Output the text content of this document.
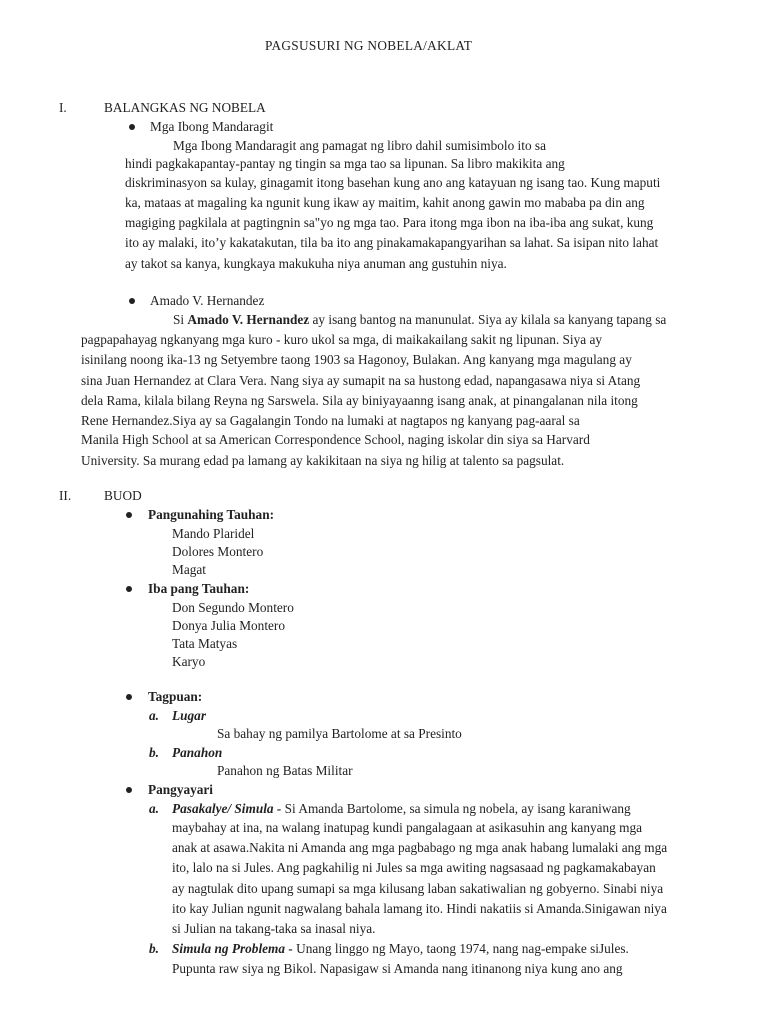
PAGSUSURI NG NOBELA/AKLAT
I.	BALANGKAS NG NOBELA
Mga Ibong Mandaragit
Mga Ibong Mandaragit ang pamagat ng libro dahil sumisimbolo ito sa
hindi pagkakapantay-pantay ng tingin sa mga tao sa lipunan. Sa libro makikita ang
diskriminasyon sa kulay, ginagamit itong basehan kung ano ang katayuan ng isang tao. Kung maputi
ka, mataas at magaling ka ngunit kung ikaw ay maitim, kahit anong gawin mo mababa pa din ang
magiging pagkilala at pagtingnin sa"yo ng mga tao. Para itong mga ibon na iba-iba ang sukat, kung
ito ay malaki, ito’y kakatakutan, tila ba ito ang pinakamakapangyarihan sa lahat. Sa isipan nito lahat
ay takot sa kanya, kungkaya makukuha niya anuman ang gustuhin niya.
Amado V. Hernandez
Si Amado V. Hernandez ay isang bantog na manunulat. Siya ay kilala sa kanyang tapang sa
pagpapahayag ngkanyang mga kuro - kuro ukol sa mga, di maikakailang sakit ng lipunan. Siya ay
isinilang noong ika-13 ng Setyembre taong 1903 sa Hagonoy, Bulakan. Ang kanyang mga magulang ay
sina Juan Hernandez at Clara Vera. Nang siya ay sumapit na sa hustong edad, napangasawa niya si Atang
dela Rama, kilala bilang Reyna ng Sarswela. Sila ay biniyayaanng isang anak, at pinangalanan nila itong
Rene Hernandez.Siya ay sa Gagalangin Tondo na lumaki at nagtapos ng kanyang pag-aaral sa
Manila High School at sa American Correspondence School, naging iskolar din siya sa Harvard
University. Sa murang edad pa lamang ay kakikitaan na siya ng hilig at talento sa pagsulat.
II. BUOD
Pangunahing Tauhan:
Mando Plaridel
Dolores Montero
Magat
Iba pang Tauhan:
Don Segundo Montero
Donya Julia Montero
Tata Matyas
Karyo
Tagpuan:
a. Lugar
Sa bahay ng pamilya Bartolome at sa Presinto
b. Panahon
Panahon ng Batas Militar
Pangyayari
a. Pasakalye/ Simula - Si Amanda Bartolome, sa simula ng nobela, ay isang karaniwang
maybahay at ina, na walang inatupag kundi pangalagaan at asikasuhin ang kanyang mga
anak at asawa.Nakita ni Amanda ang mga pagbabago ng mga anak habang lumalaki ang mga
ito, lalo na si Jules. Ang pagkahilig ni Jules sa mga awiting nagsasaad ng pagkamakabayan
ay nagtulak dito upang sumapi sa mga kilusang laban sakatiwalian ng gobyerno. Sinabi niya
ito kay Julian ngunit nagwalang bahala lamang ito. Hindi nakatiis si Amanda.Sinigawan niya
si Julian na takang-taka sa inasal niya.
b. Simula ng Problema - Unang linggo ng Mayo, taong 1974, nang nag-empake siJules.
Pupunta raw siya ng Bikol. Napasigaw si Amanda nang itinanong niya kung ano ang
